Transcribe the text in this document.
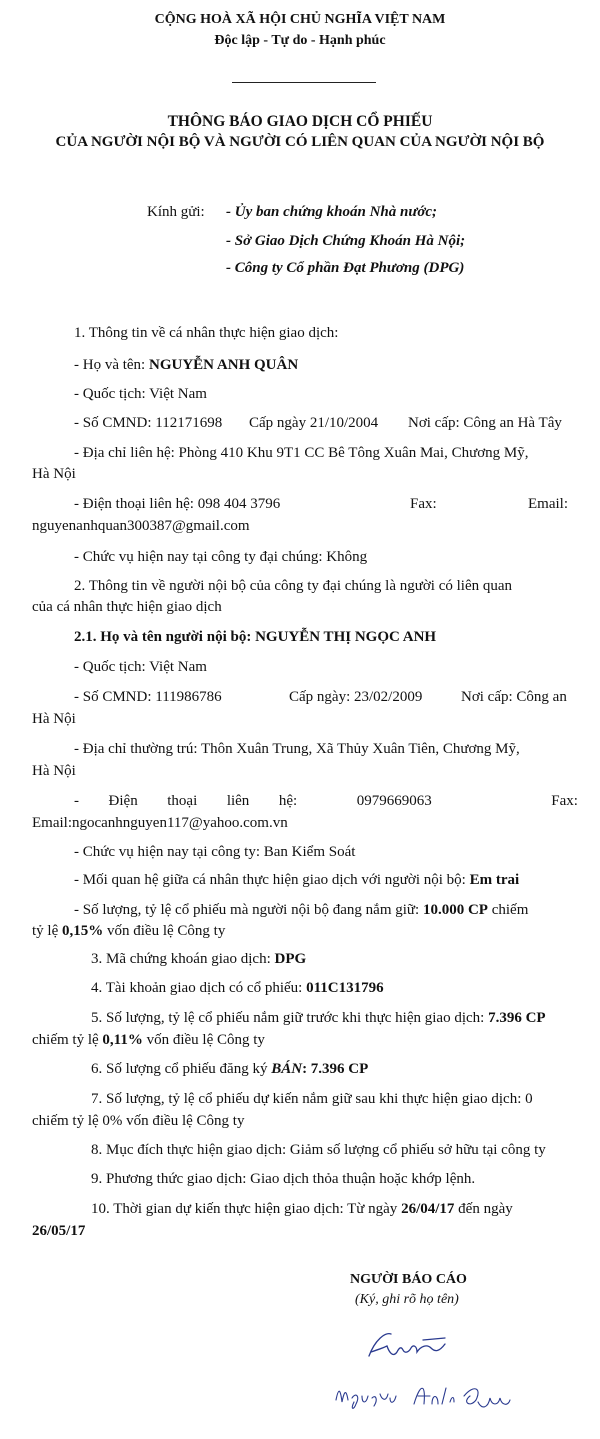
CỘNG HOÀ XÃ HỘI CHỦ NGHĨA VIỆT NAM
Độc lập - Tự do - Hạnh phúc
THÔNG BÁO GIAO DỊCH CỔ PHIẾU
CỦA NGƯỜI NỘI BỘ VÀ NGƯỜI CÓ LIÊN QUAN CỦA NGƯỜI NỘI BỘ
Kính gửi: - Ủy ban chứng khoán Nhà nước;
- Sở Giao Dịch Chứng Khoán Hà Nội;
- Công ty Cổ phần Đạt Phương (DPG)
1. Thông tin về cá nhân thực hiện giao dịch:
- Họ và tên: NGUYỄN ANH QUÂN
- Quốc tịch: Việt Nam
- Số CMND: 112171698 Cấp ngày 21/10/2004 Nơi cấp: Công an Hà Tây
- Địa chỉ liên hệ: Phòng 410 Khu 9T1 CC Bê Tông Xuân Mai, Chương Mỹ,
Hà Nội
- Điện thoại liên hệ: 098 404 3796	Fax:	Email:
nguyenanhquan300387@gmail.com
- Chức vụ hiện nay tại công ty đại chúng: Không
2. Thông tin về người nội bộ của công ty đại chúng là người có liên quan
của cá nhân thực hiện giao dịch
2.1. Họ và tên người nội bộ: NGUYỄN THỊ NGỌC ANH
- Quốc tịch: Việt Nam
- Số CMND: 111986786	Cấp ngày: 23/02/2009	Nơi cấp: Công an
Hà Nội
- Địa chỉ thường trú: Thôn Xuân Trung, Xã Thủy Xuân Tiên, Chương Mỹ,
Hà Nội
- Điện thoại liên hệ:	0979669063	Fax:
Email:ngocanhnguyen117@yahoo.com.vn
- Chức vụ hiện nay tại công ty: Ban Kiểm Soát
- Mối quan hệ giữa cá nhân thực hiện giao dịch với người nội bộ: Em trai
- Số lượng, tỷ lệ cổ phiếu mà người nội bộ đang nắm giữ: 10.000 CP chiếm
tỷ lệ 0,15% vốn điều lệ Công ty
3. Mã chứng khoán giao dịch: DPG
4. Tài khoản giao dịch có cổ phiếu: 011C131796
5. Số lượng, tỷ lệ cổ phiếu nắm giữ trước khi thực hiện giao dịch: 7.396 CP
chiếm tỷ lệ 0,11% vốn điều lệ Công ty
6. Số lượng cổ phiếu đăng ký BÁN: 7.396 CP
7. Số lượng, tỷ lệ cổ phiếu dự kiến nắm giữ sau khi thực hiện giao dịch: 0
chiếm tỷ lệ 0% vốn điều lệ Công ty
8. Mục đích thực hiện giao dịch: Giảm số lượng cổ phiếu sở hữu tại công ty
9. Phương thức giao dịch: Giao dịch thỏa thuận hoặc khớp lệnh.
10. Thời gian dự kiến thực hiện giao dịch: Từ ngày 26/04/17 đến ngày
26/05/17
NGƯỜI BÁO CÁO
(Ký, ghi rõ họ tên)
